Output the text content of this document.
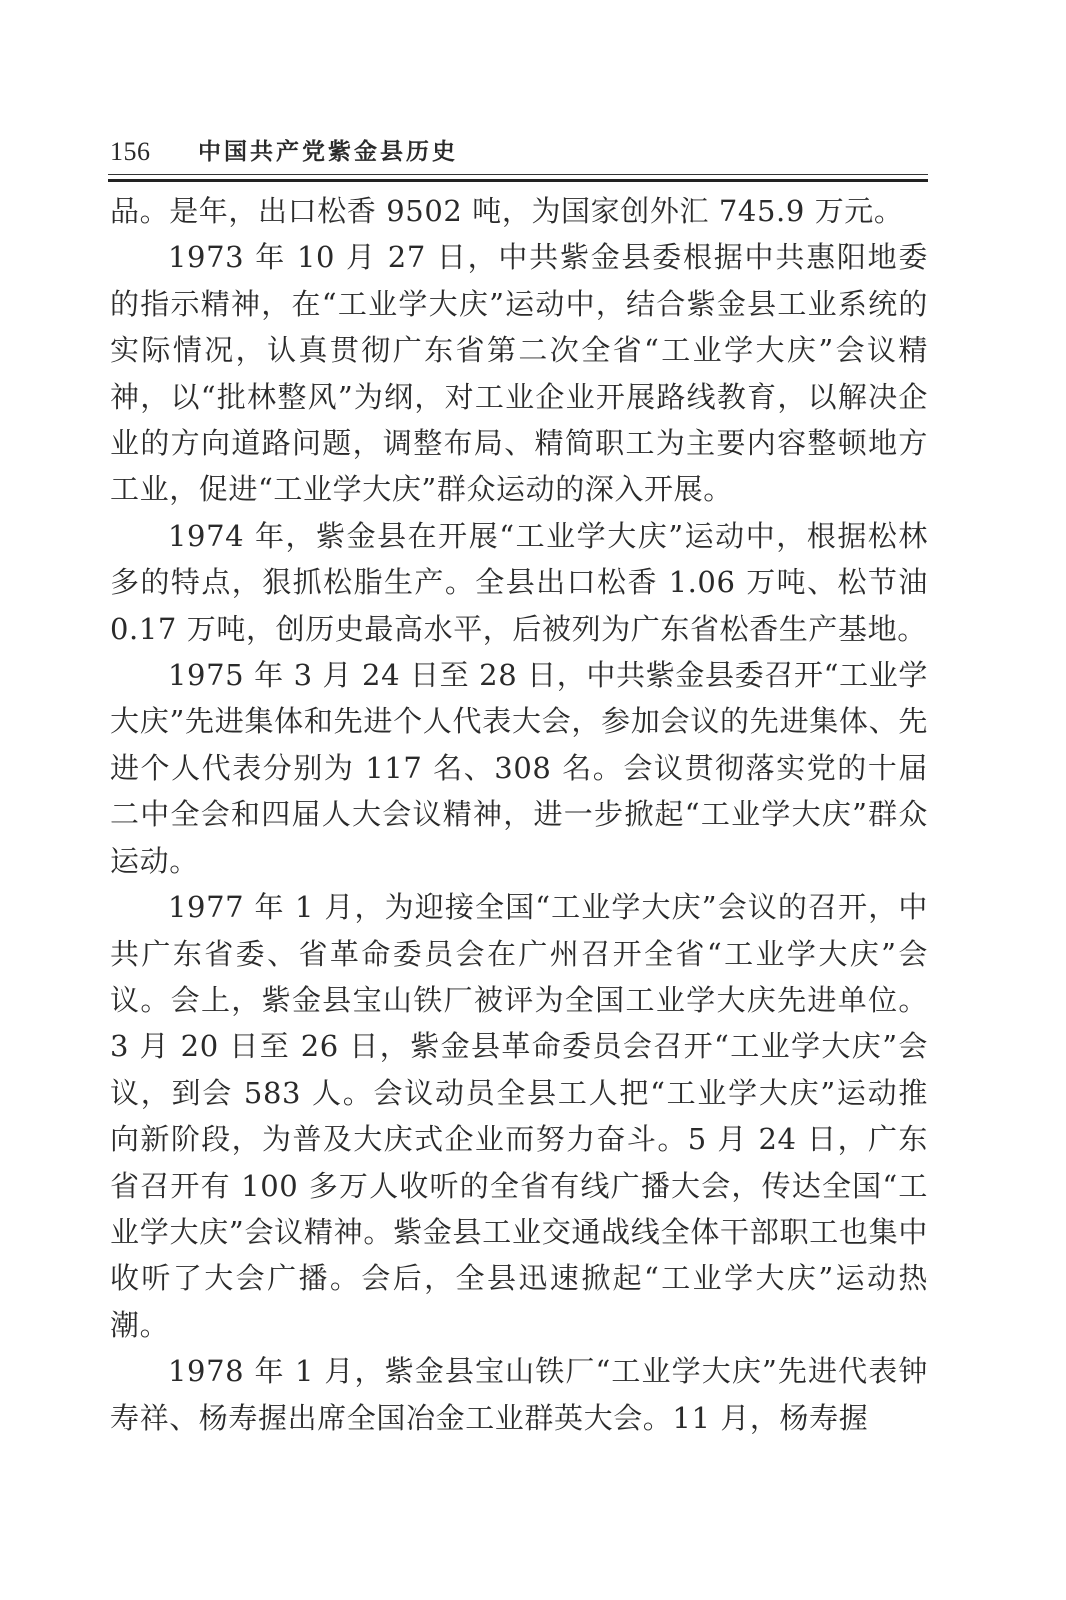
156 中国共产党紫金县历史

品。是年，出口松香 9502 吨，为国家创外汇 745.9 万元。

1973 年 10 月 27 日，中共紫金县委根据中共惠阳地委的指示精神，在“工业学大庆”运动中，结合紫金县工业系统的实际情况，认真贯彻广东省第二次全省“工业学大庆”会议精神，以“批林整风”为纲，对工业企业开展路线教育，以解决企业的方向道路问题，调整布局、精简职工为主要内容整顿地方工业，促进“工业学大庆”群众运动的深入开展。

1974 年，紫金县在开展“工业学大庆”运动中，根据松林多的特点，狠抓松脂生产。全县出口松香 1.06 万吨、松节油 0.17 万吨，创历史最高水平，后被列为广东省松香生产基地。

1975 年 3 月 24 日至 28 日，中共紫金县委召开“工业学大庆”先进集体和先进个人代表大会，参加会议的先进集体、先进个人代表分别为 117 名、308 名。会议贯彻落实党的十届二中全会和四届人大会议精神，进一步掀起“工业学大庆”群众运动。

1977 年 1 月，为迎接全国“工业学大庆”会议的召开，中共广东省委、省革命委员会在广州召开全省“工业学大庆”会议。会上，紫金县宝山铁厂被评为全国工业学大庆先进单位。3 月 20 日至 26 日，紫金县革命委员会召开“工业学大庆”会议，到会 583 人。会议动员全县工人把“工业学大庆”运动推向新阶段，为普及大庆式企业而努力奋斗。5 月 24 日，广东省召开有 100 多万人收听的全省有线广播大会，传达全国“工业学大庆”会议精神。紫金县工业交通战线全体干部职工也集中收听了大会广播。会后，全县迅速掀起“工业学大庆”运动热潮。

1978 年 1 月，紫金县宝山铁厂“工业学大庆”先进代表钟寿祥、杨寿握出席全国冶金工业群英大会。11 月，杨寿握
